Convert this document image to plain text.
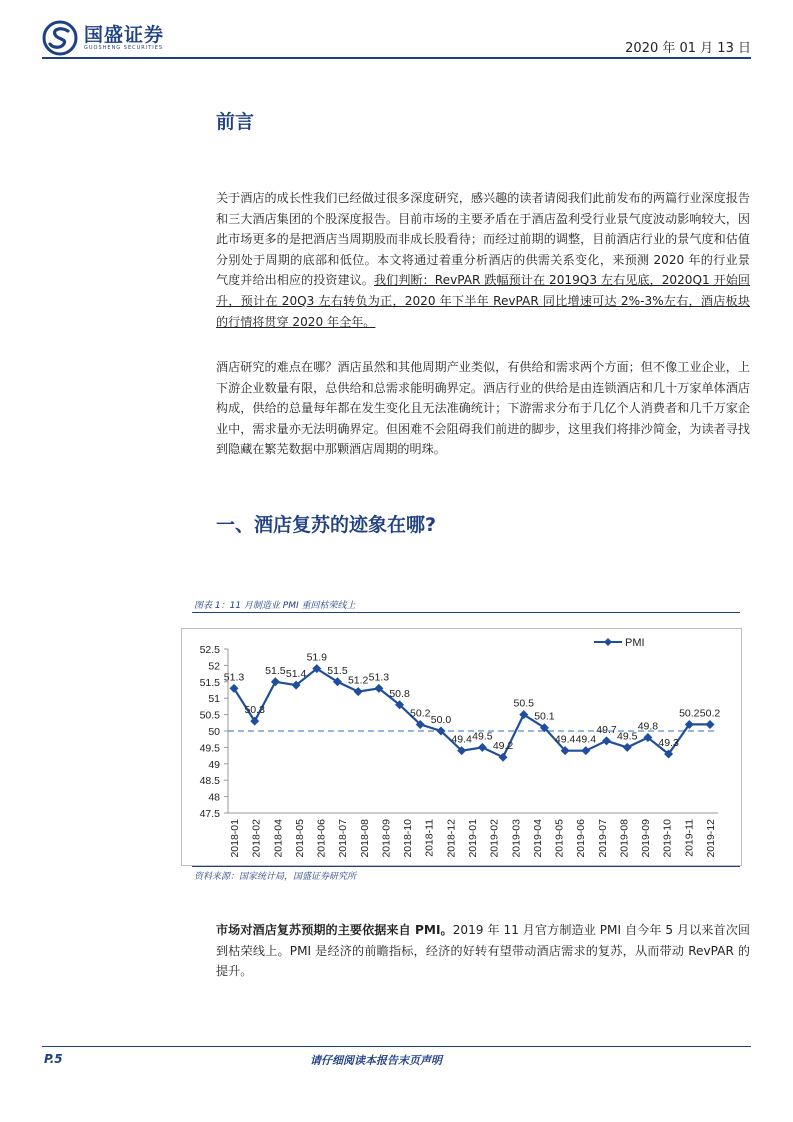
国盛证券
GUOSHENG SECURITIES	2020 年 01 月 13 日
前言
关于酒店的成长性我们已经做过很多深度研究，感兴趣的读者请阅我们此前发布的两篇行业深度报告和三大酒店集团的个股深度报告。目前市场的主要矛盾在于酒店盈利受行业景气度波动影响较大，因此市场更多的是把酒店当周期股而非成长股看待；而经过前期的调整，目前酒店行业的景气度和估值分别处于周期的底部和低位。本文将通过着重分析酒店的供需关系变化，来预测 2020 年的行业景气度并给出相应的投资建议。我们判断：RevPAR 跌幅预计在 2019Q3 左右见底，2020Q1 开始回升，预计在 20Q3 左右转负为正，2020 年下半年 RevPAR 同比增速可达 2%-3%左右，酒店板块的行情将贯穿 2020 年全年。
酒店研究的难点在哪？酒店虽然和其他周期产业类似，有供给和需求两个方面；但不像工业企业，上下游企业数量有限，总供给和总需求能明确界定。酒店行业的供给是由连锁酒店和几十万家单体酒店构成，供给的总量每年都在发生变化且无法准确统计；下游需求分布于几亿个人消费者和几千万家企业中，需求量亦无法明确界定。但困难不会阻碍我们前进的脚步，这里我们将排沙简金，为读者寻找到隐藏在繁芜数据中那颗酒店周期的明珠。
一、酒店复苏的迹象在哪?
图表 1：11 月制造业 PMI 重回枯荣线上
52.5
52
51.5
51
50.5
50
49.5
49
48.5
48
47.5
2018-01 2018-02 2018-04 2018-05 2018-06 2018-07 2018-08 2018-09 2018-10 2018-11 2018-12 2019-01 2019-02 2019-03 2019-04 2019-05 2019-06 2019-07 2019-08 2019-09 2019-10 2019-11 2019-12
51.3
50.3
51.5 51.4
51.9
51.5
51.2 51.3
50.8
50.2
50.0
49.4 49.5
49.2
50.5
50.1
49.4 49.4
49.7
49.5
49.8
49.3
50.2 50.2
PMI
资料来源：国家统计局，国盛证券研究所
市场对酒店复苏预期的主要依据来自 PMI。2019 年 11 月官方制造业 PMI 自今年 5 月以来首次回到枯荣线上。PMI 是经济的前瞻指标，经济的好转有望带动酒店需求的复苏，从而带动 RevPAR 的提升。
P.5	请仔细阅读本报告末页声明
